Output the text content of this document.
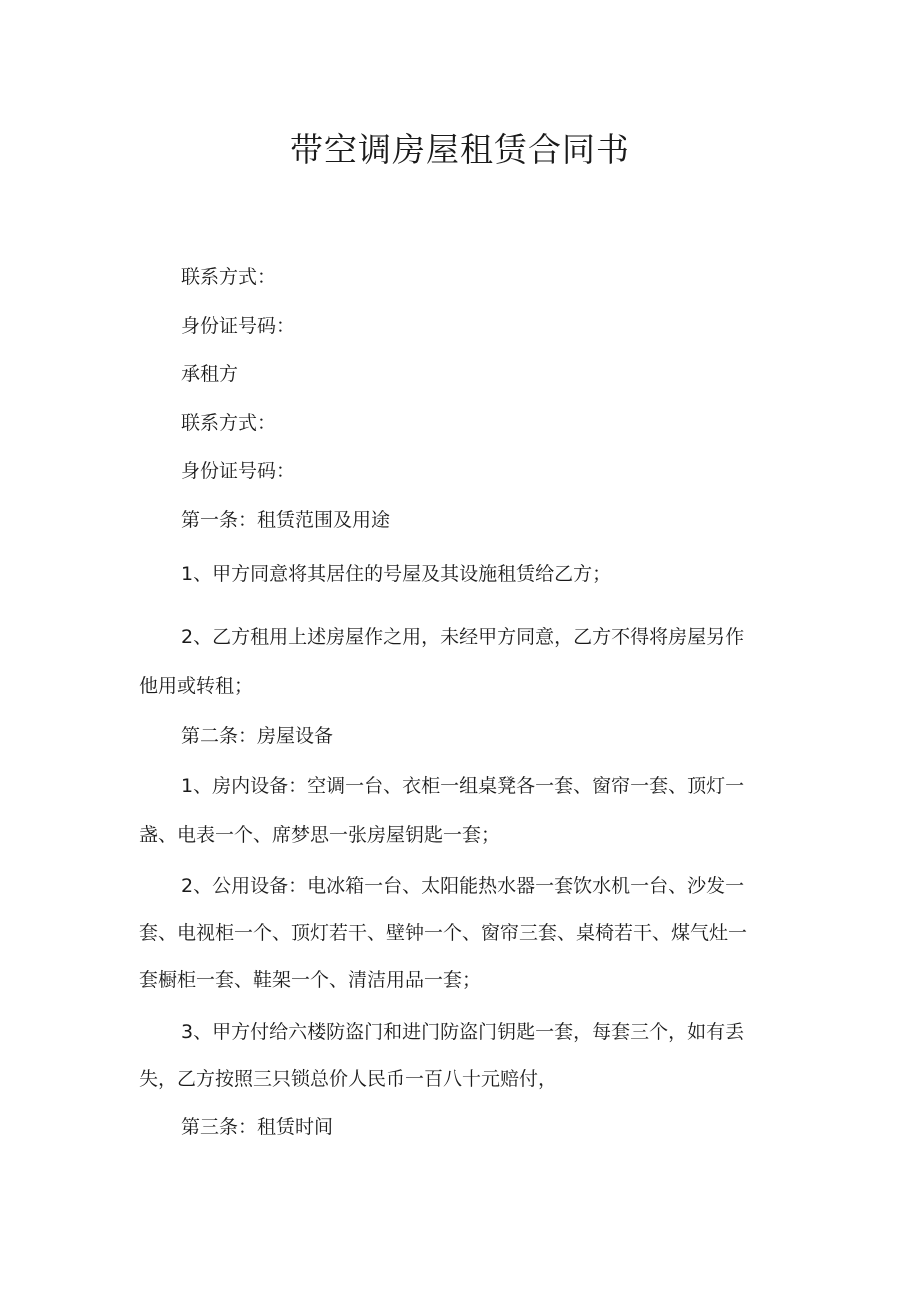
带空调房屋租赁合同书

联系方式：

身份证号码：

承租方

联系方式：

身份证号码：

第一条：租赁范围及用途

1、甲方同意将其居住的号屋及其设施租赁给乙方；

2、乙方租用上述房屋作之用，未经甲方同意，乙方不得将房屋另作

他用或转租；

第二条：房屋设备

1、房内设备：空调一台、衣柜一组桌凳各一套、窗帘一套、顶灯一

盏、电表一个、席梦思一张房屋钥匙一套；

2、公用设备：电冰箱一台、太阳能热水器一套饮水机一台、沙发一

套、电视柜一个、顶灯若干、壁钟一个、窗帘三套、桌椅若干、煤气灶一

套橱柜一套、鞋架一个、清洁用品一套；

3、甲方付给六楼防盗门和进门防盗门钥匙一套，每套三个，如有丢

失，乙方按照三只锁总价人民币一百八十元赔付，

第三条：租赁时间
